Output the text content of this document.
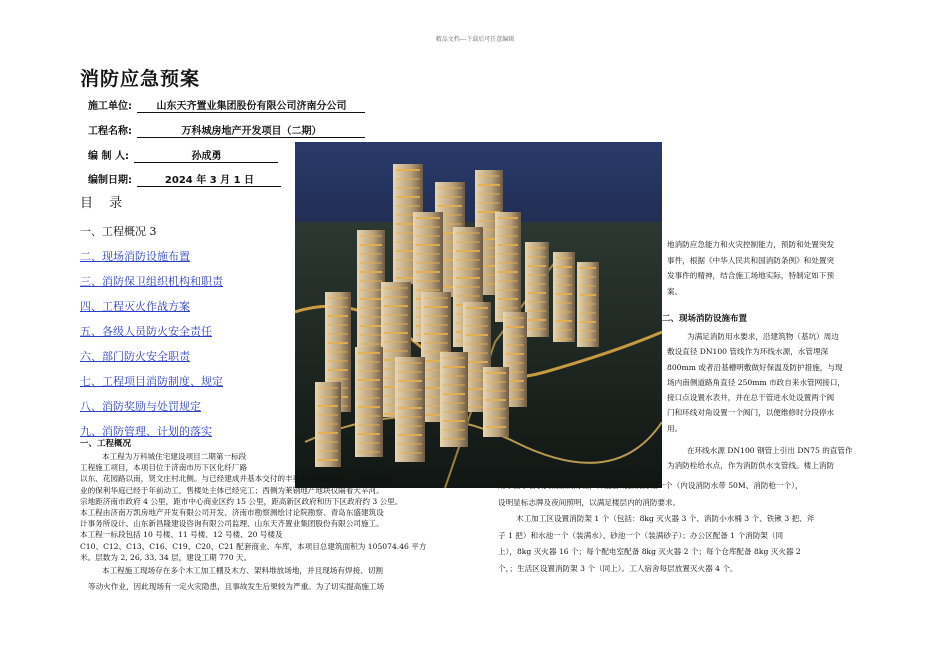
精品文档---下载后可任意编辑
消防应急预案
施工单位: 山东天齐置业集团股份有限公司济南分公司
工程名称:	万科城房地产开发项目（二期）
编 制 人:	孙成勇
编制日期:	2024 年 3 月 1 日
目 录
一、工程概况 3
二、现场消防设施布置
三、消防保卫组织机构和职责
四、工程灭火作战方案
五、各级人员防火安全责任
六、部门防火安全职责
七、工程项目消防制度、规定
八、消防奖励与处罚规定
九、消防管理、计划的落实
一、工程概况
本工程为万科城住宅建设项目二期第一标段
工程施工项目，本项目位于济南市历下区化纤厂路
以东、花园路以南，贤文庄村北侧。与已经建成并基本交付的丰奥家园隔路相望；北侧保利置
业的保利华庭已经于年前动工，售楼处主体已经完工；西侧为莱钢地产地块仅隔着大辛河。
宗地距济南市政府 4 公里，距市中心商业区约 15 公里，距高新区政府和历下区政府约 3 公里。
本工程由济南万凯房地产开发有限公司开发、济南市勘察测绘讨论院勘察、青岛东盛建筑设
计事务所设计、山东新昌隆建设咨询有限公司监理、山东天齐置业集团股份有限公司施工。
本工程一标段包括 10 号楼、11 号楼、12 号楼、20 号楼及
C10、C12、C13、C16、C19、C20、C21 配套商业、车库，本项目总建筑面积为 105074.46 平方
米。层数为 2, 26, 33, 34 层，建设工期 770 天。
本工程施工现场存在多个木工加工棚及木方、架料堆放场地，并且现场有焊接、切割
等动火作业，因此现场有一定火灾隐患，且事故发生后果较为严重。为了切实提高施工场
地消防应急能力和火灾控制能力，预防和处置突发
事件，根据《中华人民共和国消防条例》和处置突
发事件的精神，结合施工场地实际，特制定如下预
案。
二、现场消防设施布置
为满足消防用水要求，沿建筑物（基坑）周边
敷设直径 DN100 管线作为环线水源，水管埋深
800mm 或者沿基槽明敷做好保温及防护措施，与现
场内南侧道路角直径 250mm 市政自来水管网接口，
接口点设置水表井，并在总干管进水处设置两个阀
门和环线对角设置一个阀门，以便维修时分段停水
用。
在环线水源 DN100 钢管上引出 DN75 的直管作
为消防栓给水点，作为消防供水支管线。楼上消防
用水由水管引到楼层消防栓，并配备成套消防箱一个（内设消防水带 50M、消防枪一个），
设明显标志牌及夜间照明，以满足楼层内的消防要求。
木工加工区设置消防架 1 个（包括：8kg 灭火器 3 个、消防小水桶 3 个、铁锹 3 把、斧
子 1 把）和水池一个（装满水）、砂池一个（装满砂子）；办公区配备 1 个消防架（同
上），8kg 灭火器 16 个；每个配电室配备 8kg 灭火器 2 个；每个仓库配备 8kg 灭火器 2
个，；生活区设置消防架 3 个（同上）。工人宿舍每层放置灭火器 4 个。
